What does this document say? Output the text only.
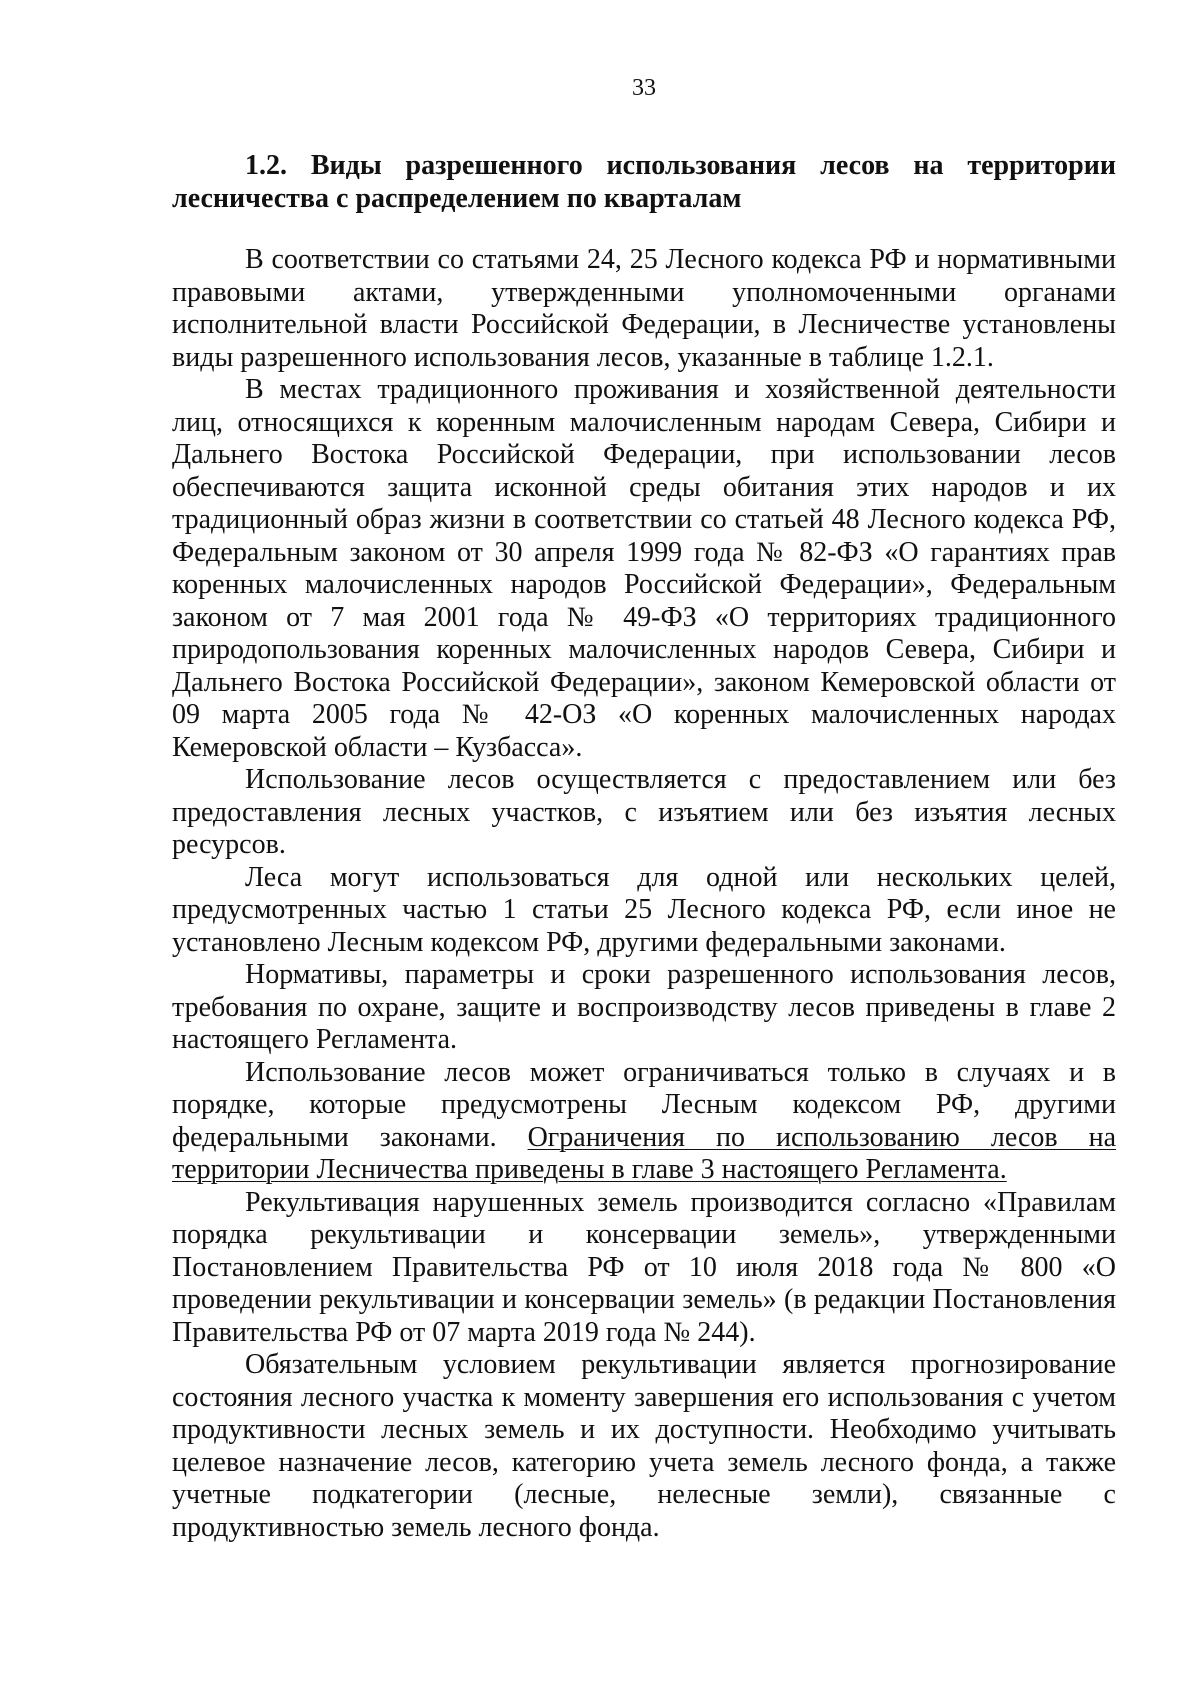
33
1.2. Виды разрешенного использования лесов на территории лесничества с распределением по кварталам

В соответствии со статьями 24, 25 Лесного кодекса РФ и нормативными правовыми актами, утвержденными уполномоченными органами исполнительной власти Российской Федерации, в Лесничестве установлены виды разрешенного использования лесов, указанные в таблице 1.2.1.

В местах традиционного проживания и хозяйственной деятельности лиц, относящихся к коренным малочисленным народам Севера, Сибири и Дальнего Востока Российской Федерации, при использовании лесов обеспечиваются защита исконной среды обитания этих народов и их традиционный образ жизни в соответствии со статьей 48 Лесного кодекса РФ, Федеральным законом от 30 апреля 1999 года № 82-ФЗ «О гарантиях прав коренных малочисленных народов Российской Федерации», Федеральным законом от 7 мая 2001 года № 49-ФЗ «О территориях традиционного природопользования коренных малочисленных народов Севера, Сибири и Дальнего Востока Российской Федерации», законом Кемеровской области от 09 марта 2005 года № 42-ОЗ «О коренных малочисленных народах Кемеровской области – Кузбасса».

Использование лесов осуществляется с предоставлением или без предоставления лесных участков, с изъятием или без изъятия лесных ресурсов.

Леса могут использоваться для одной или нескольких целей, предусмотренных частью 1 статьи 25 Лесного кодекса РФ, если иное не установлено Лесным кодексом РФ, другими федеральными законами.

Нормативы, параметры и сроки разрешенного использования лесов, требования по охране, защите и воспроизводству лесов приведены в главе 2 настоящего Регламента.

Использование лесов может ограничиваться только в случаях и в порядке, которые предусмотрены Лесным кодексом РФ, другими федеральными законами. Ограничения по использованию лесов на территории Лесничества приведены в главе 3 настоящего Регламента.

Рекультивация нарушенных земель производится согласно «Правилам порядка рекультивации и консервации земель», утвержденными Постановлением Правительства РФ от 10 июля 2018 года № 800 «О проведении рекультивации и консервации земель» (в редакции Постановления Правительства РФ от 07 марта 2019 года № 244).

Обязательным условием рекультивации является прогнозирование состояния лесного участка к моменту завершения его использования с учетом продуктивности лесных земель и их доступности. Необходимо учитывать целевое назначение лесов, категорию учета земель лесного фонда, а также учетные подкатегории (лесные, нелесные земли), связанные с продуктивностью земель лесного фонда.
